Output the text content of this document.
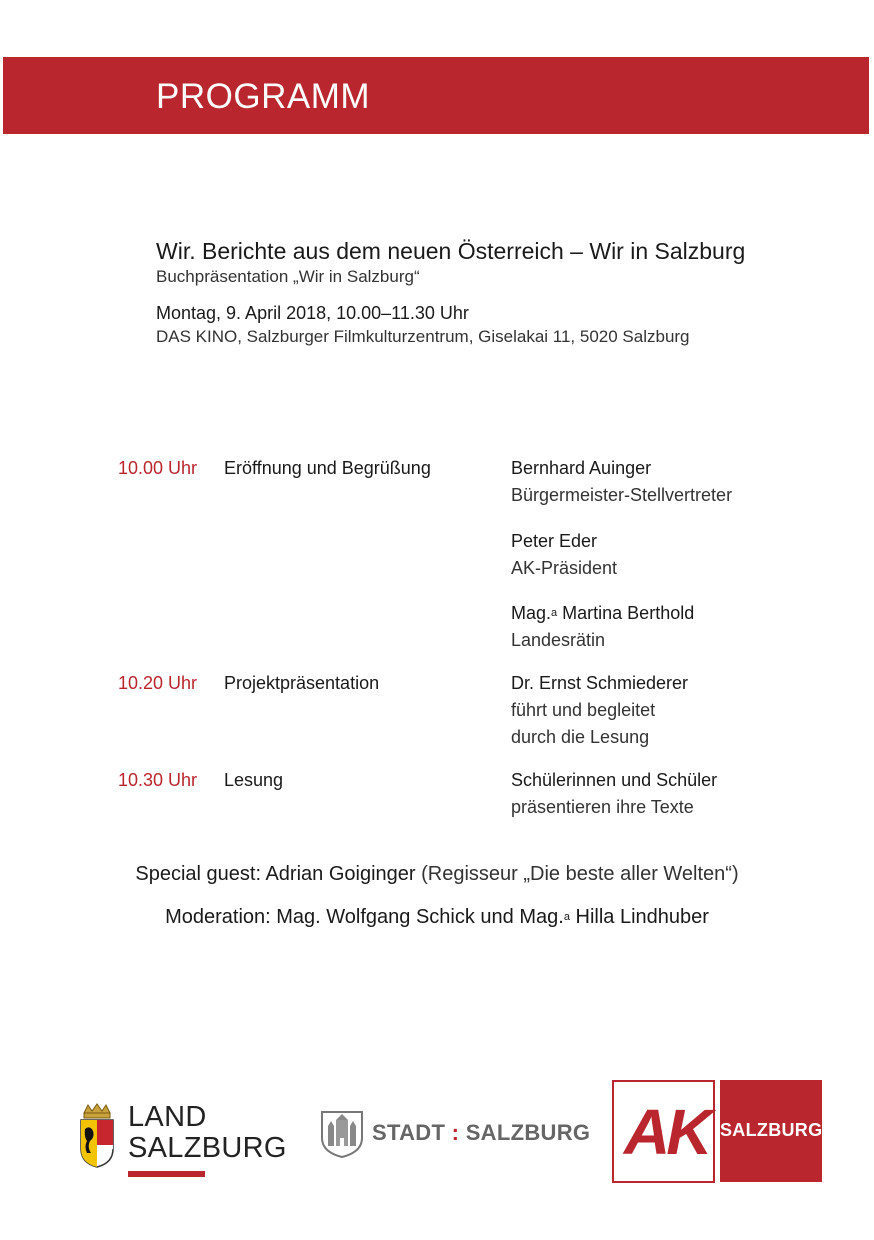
PROGRAMM
Wir. Berichte aus dem neuen Österreich – Wir in Salzburg
Buchpräsentation „Wir in Salzburg“
Montag, 9. April 2018, 10.00–11.30 Uhr
DAS KINO, Salzburger Filmkulturzentrum, Giselakai 11, 5020 Salzburg
10.00 Uhr Eröffnung und Begrüßung	Bernhard Auinger
Bürgermeister-Stellvertreter
Peter Eder
AK-Präsident
Mag.$^a$ Martina Berthold
Landesrätin
10.20 Uhr Projektpräsentation	Dr. Ernst Schmiederer
führt und begleitet
durch die Lesung
10.30 Uhr Lesung	Schülerinnen und Schüler
präsentieren ihre Texte
Special guest: Adrian Goiginger (Regisseur „Die beste aller Welten“)
Moderation: Mag. Wolfgang Schick und Mag.$^a$ Hilla Lindhuber
LAND
SALZBURG	STADT : SALZBURG AK SALZBURG
